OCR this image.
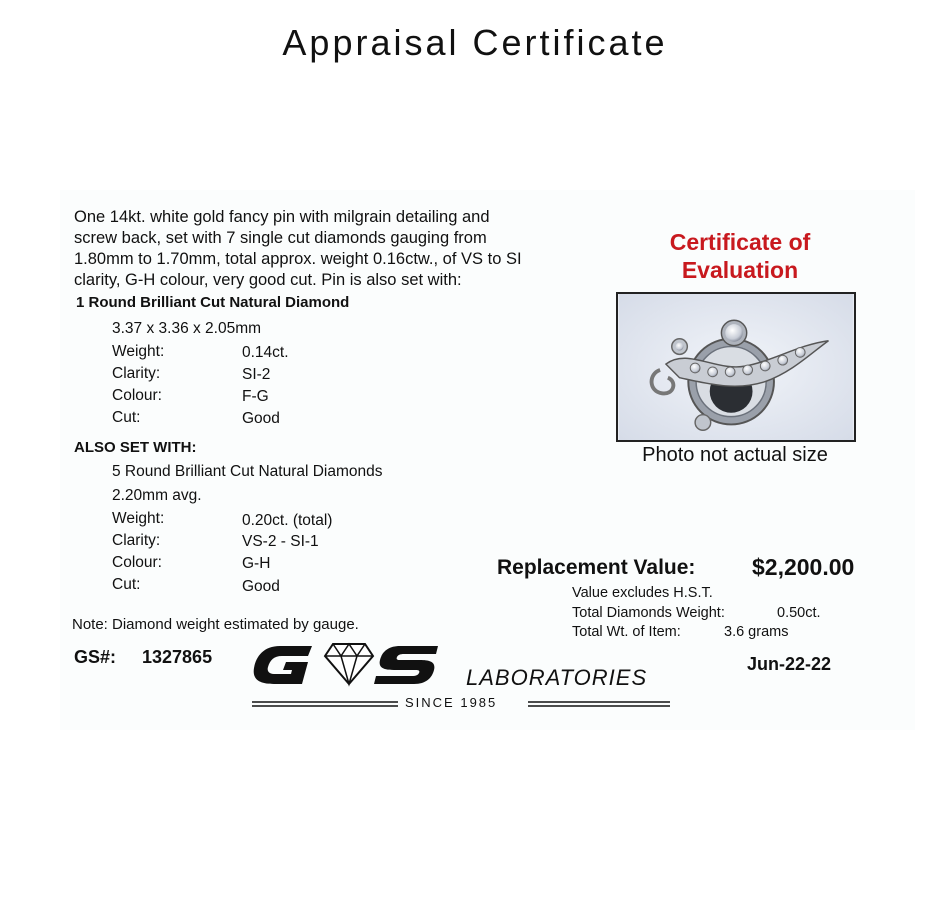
Appraisal Certificate
One 14kt. white gold fancy pin with milgrain detailing and
screw back, set with 7 single cut diamonds gauging from
1.80mm to 1.70mm, total approx. weight 0.16ctw., of VS to SI
clarity, G-H colour, very good cut. Pin is also set with:
1 Round Brilliant Cut Natural Diamond
3.37 x 3.36 x 2.05mm
Weight:	0.14ct.
Clarity:	SI-2
Colour:	F-G
Cut:	Good
ALSO SET WITH:
5 Round Brilliant Cut Natural Diamonds
2.20mm avg.
Weight:	0.20ct. (total)
Clarity:	VS-2 - SI-1
Colour:	G-H
Cut:	Good
Certificate of
Evaluation
Photo not actual size
Replacement Value: $2,200.00
Value excludes H.S.T.
Total Diamonds Weight:	0.50ct.
Total Wt. of Item:	3.6 grams
Note: Diamond weight estimated by gauge.
GS#: 1327865	Jun-22-22
LABORATORIES
SINCE 1985
